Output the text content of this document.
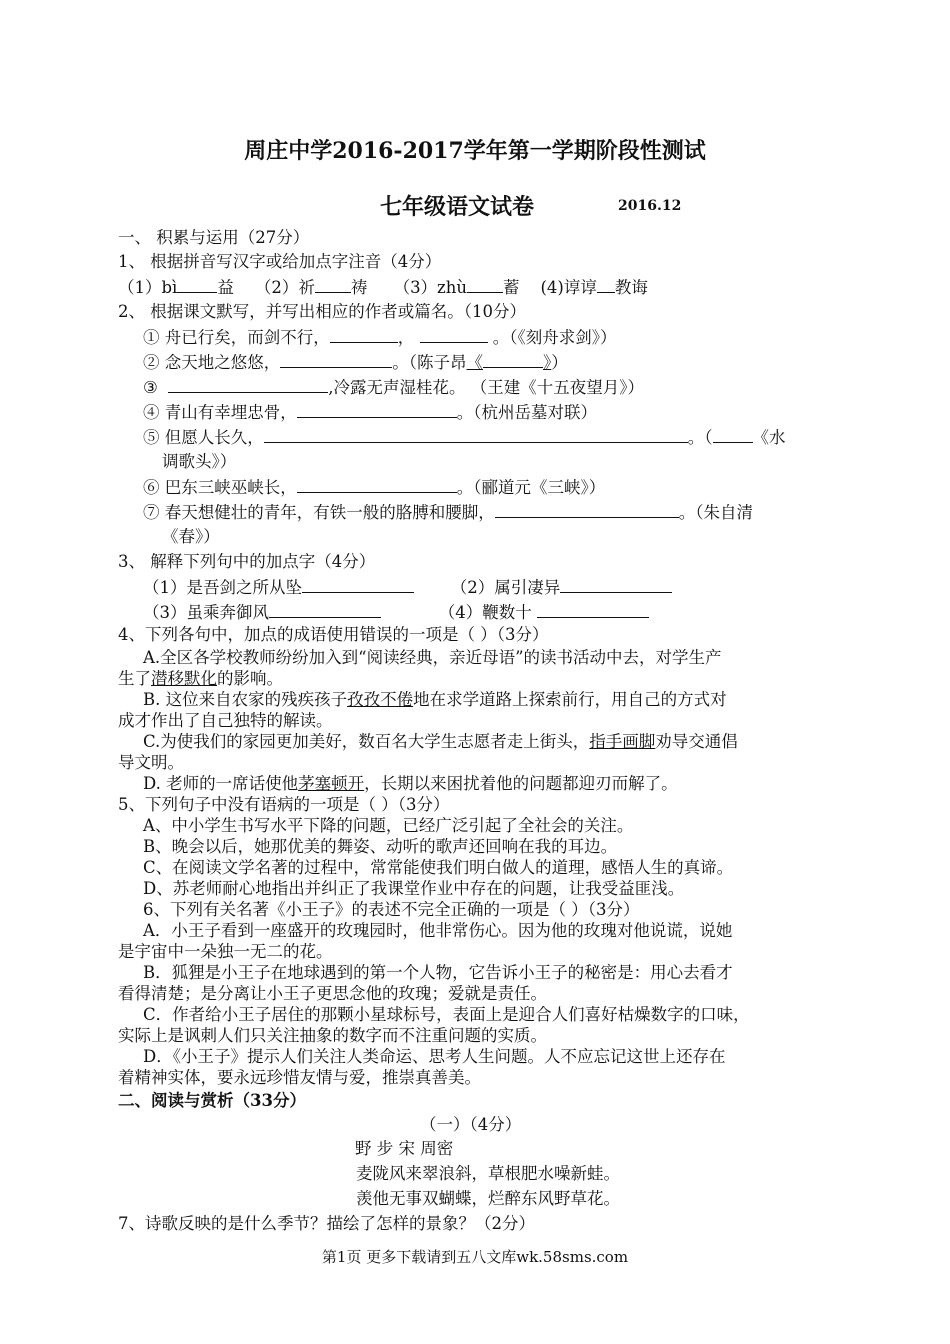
周庄中学2016-2017学年第一学期阶段性测试
七年级语文试卷	2016.12
一、 积累与运用（27分）
1、 根据拼音写汉字或给加点字注音（4分）
（1）bì 益 （2）祈 祷 （3）zhù 蓄 (4)谆谆 教诲
2、 根据课文默写，并写出相应的作者或篇名。（10分）
① 舟已行矣，而剑不行，	，	。（《刻舟求剑》）
② 念天地之悠悠，	。（陈子昂《	》）
③	,冷露无声湿桂花。 （王建《十五夜望月》）
④ 青山有幸埋忠骨，	。（杭州岳墓对联）
⑤ 但愿人长久，	。（ 《水
调歌头》）
⑥ 巴东三峡巫峡长，	。（郦道元《三峡》）
⑦ 春天想健壮的青年，有铁一般的胳膊和腰脚，	。（朱自清
《春》）
3、 解释下列句中的加点字（4分）
（1）是吾剑之所从坠	（2）属引凄异
（3）虽乘奔御风	（4）鞭数十
4、下列各句中，加点的成语使用错误的一项是（ ）（3分）
A.全区各学校教师纷纷加入到“阅读经典，亲近母语”的读书活动中去，对学生产
生了潜移默化的影响。
B. 这位来自农家的残疾孩子孜孜不倦地在求学道路上探索前行，用自己的方式对
成才作出了自己独特的解读。
C.为使我们的家园更加美好，数百名大学生志愿者走上街头，指手画脚劝导交通倡
导文明。
D. 老师的一席话使他茅塞顿开，长期以来困扰着他的问题都迎刃而解了。
5、下列句子中没有语病的一项是（ ）（3分）
A、中小学生书写水平下降的问题，已经广泛引起了全社会的关注。
B、晚会以后，她那优美的舞姿、动听的歌声还回响在我的耳边。
C、在阅读文学名著的过程中，常常能使我们明白做人的道理，感悟人生的真谛。
D、苏老师耐心地指出并纠正了我课堂作业中存在的问题，让我受益匪浅。
6、下列有关名著《小王子》的表述不完全正确的一项是（ ）（3分）
A．小王子看到一座盛开的玫瑰园时，他非常伤心。因为他的玫瑰对他说谎，说她
是宇宙中一朵独一无二的花。
B．狐狸是小王子在地球遇到的第一个人物，它告诉小王子的秘密是：用心去看才
看得清楚；是分离让小王子更思念他的玫瑰；爱就是责任。
C．作者给小王子居住的那颗小星球标号，表面上是迎合人们喜好枯燥数字的口味，
实际上是讽刺人们只关注抽象的数字而不注重问题的实质。
D．《小王子》提示人们关注人类命运、思考人生问题。人不应忘记这世上还存在
着精神实体，要永远珍惜友情与爱，推崇真善美。
二、阅读与赏析（33分）
（一）（4分）
野 步 宋 周密
麦陇风来翠浪斜，草根肥水噪新蛙。
羡他无事双蝴蝶，烂醉东风野草花。
7、诗歌反映的是什么季节？描绘了怎样的景象？（2分）
第1页 更多下载请到五八文库wk.58sms.com
